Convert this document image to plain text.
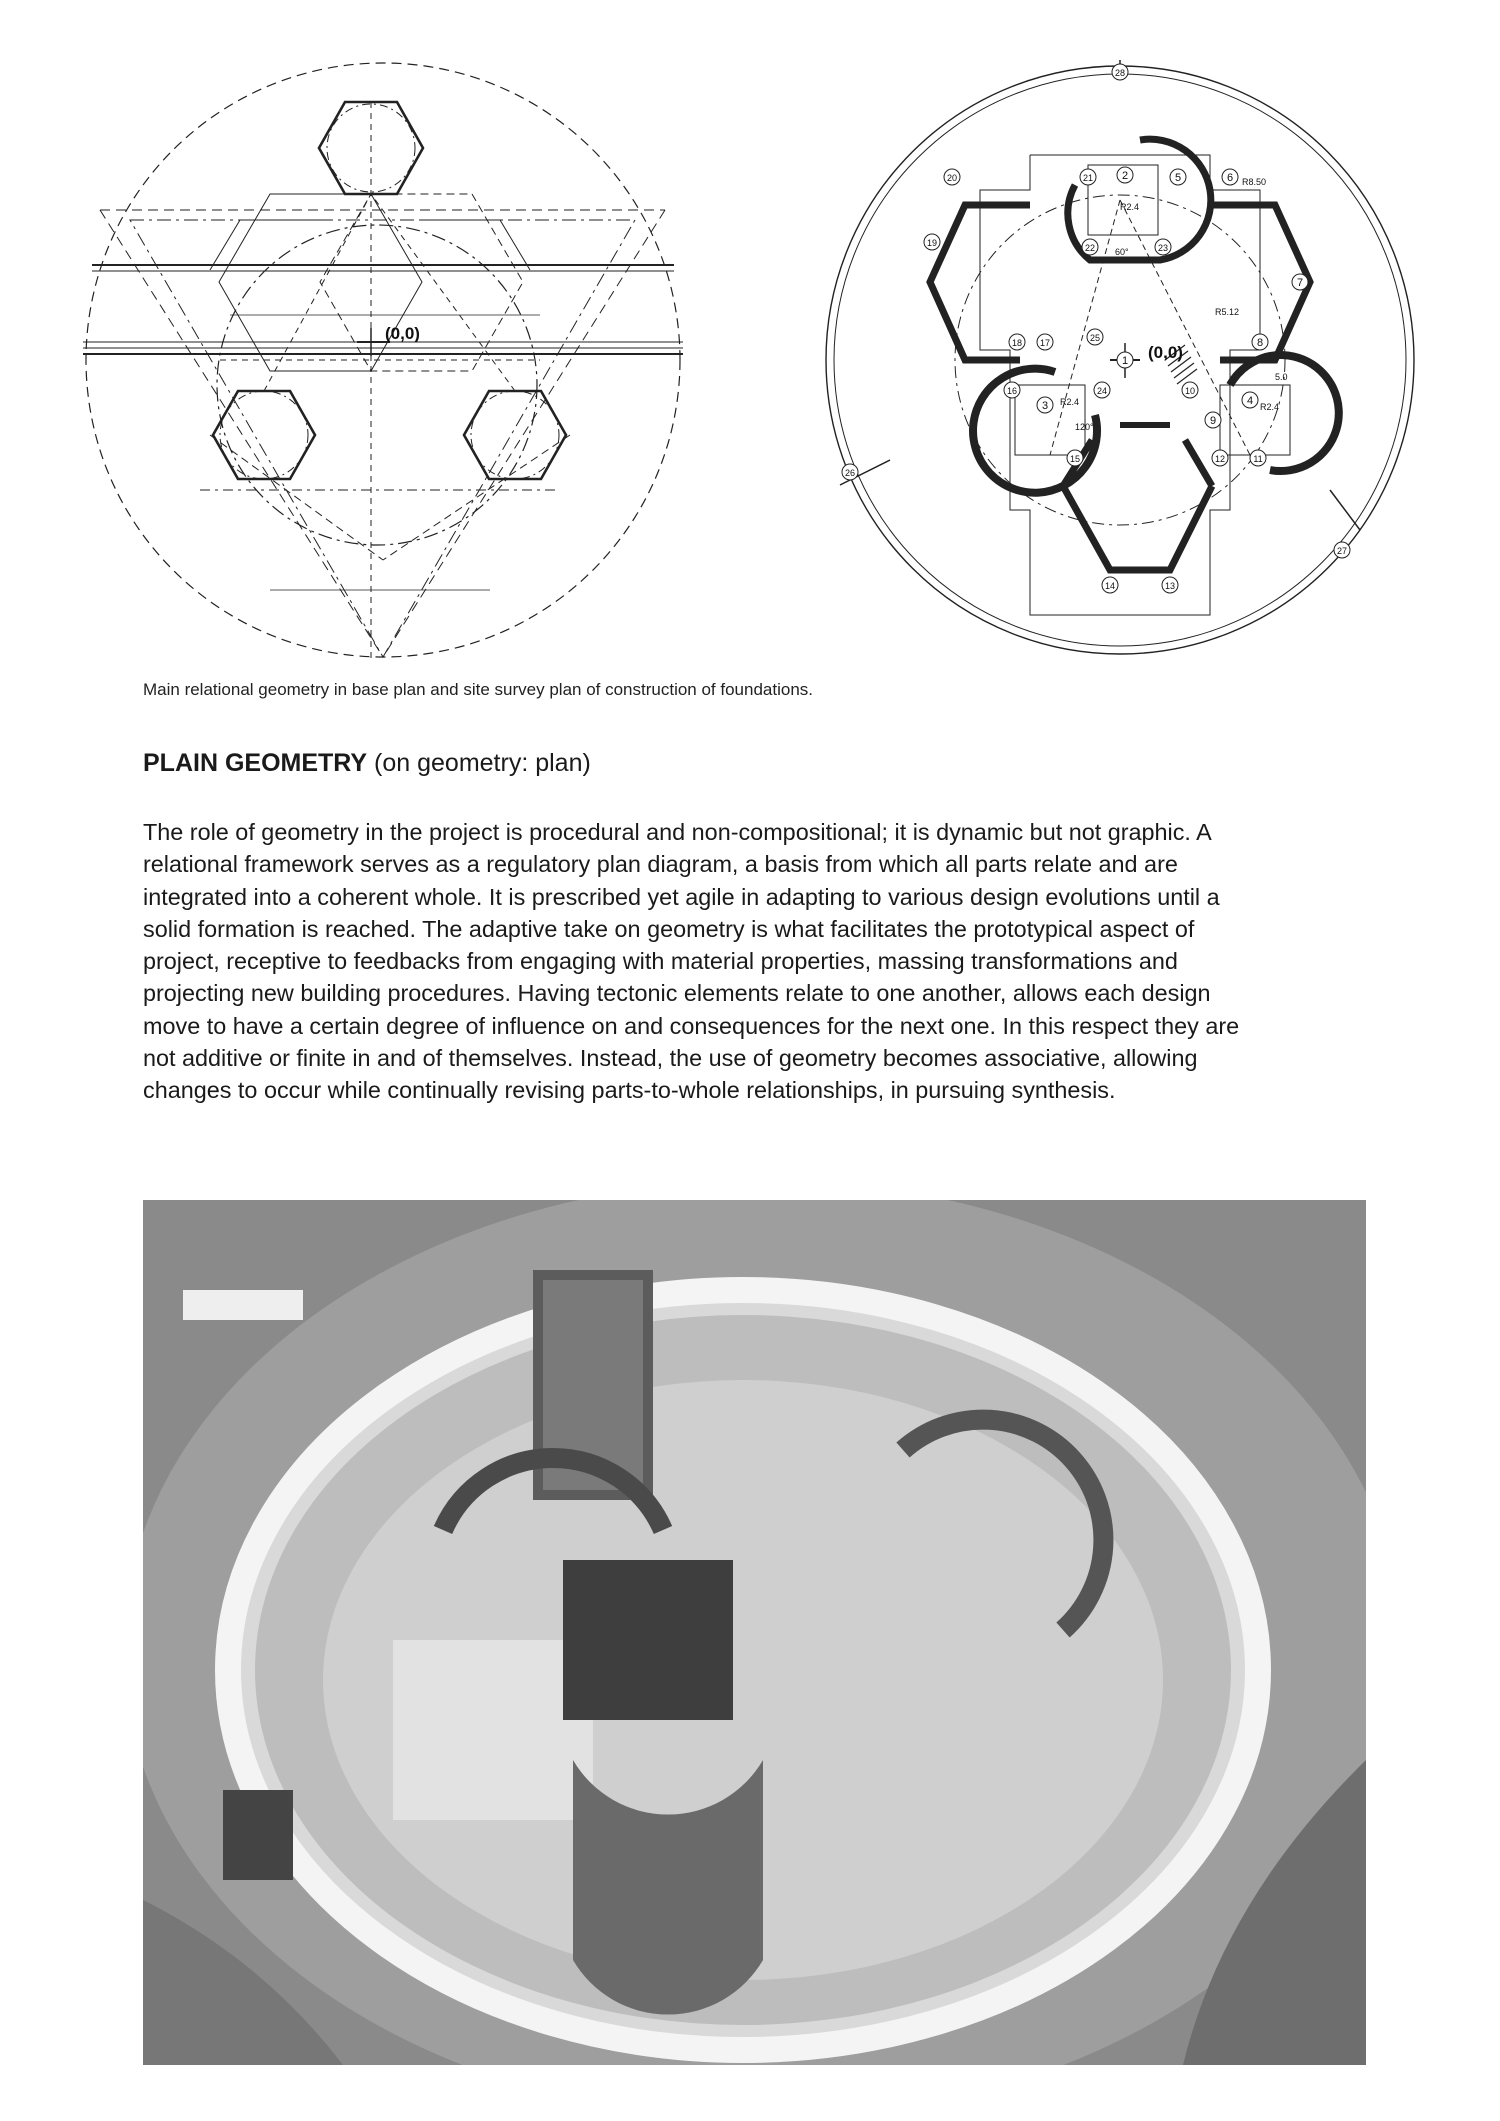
(0,0)
1
2
3	4
5	6
7
8
9
10
11
12
13
14
15
16
17
18
19
20	21
22	23
24
25
26
27
28
R2.4
R2.4
R2.4
R8.50
R5.12
60°
120°
5.0
(0,0)
Main relational geometry in base plan and site survey plan of construction of foundations.
PLAIN GEOMETRY (on geometry: plan)
The role of geometry in the project is procedural and non-compositional; it is dynamic but not graphic. A
relational framework serves as a regulatory plan diagram, a basis from which all parts relate and are
integrated into a coherent whole. It is prescribed yet agile in adapting to various design evolutions until a
solid formation is reached. The adaptive take on geometry is what facilitates the prototypical aspect of
project, receptive to feedbacks from engaging with material properties, massing transformations and
projecting new building procedures. Having tectonic elements relate to one another, allows each design
move to have a certain degree of influence on and consequences for the next one. In this respect they are
not additive or finite in and of themselves. Instead, the use of geometry becomes associative, allowing
changes to occur while continually revising parts-to-whole relationships, in pursuing synthesis.
